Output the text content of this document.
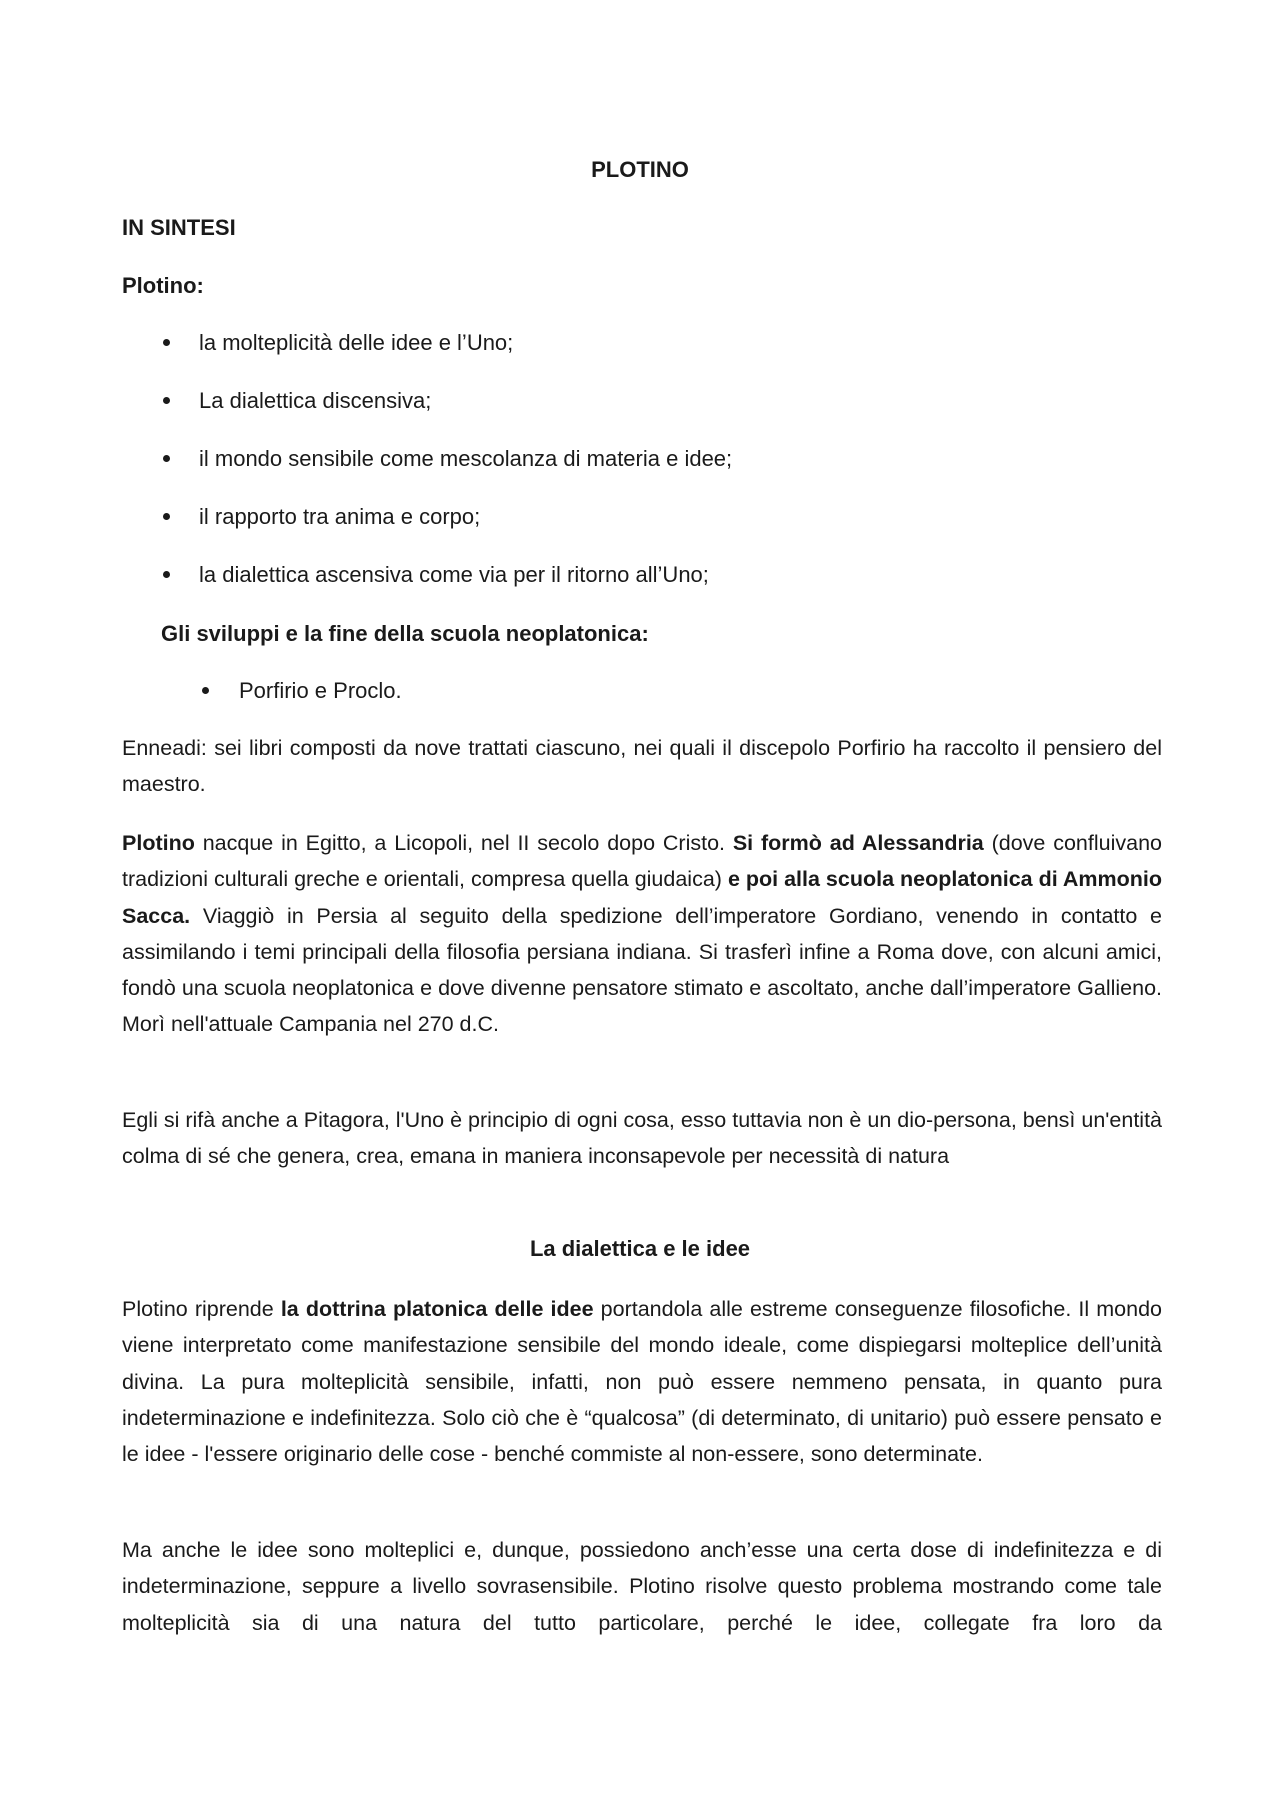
PLOTINO
IN SINTESI
Plotino:
la molteplicità delle idee e l’Uno;
La dialettica discensiva;
il mondo sensibile come mescolanza di materia e idee;
il rapporto tra anima e corpo;
la dialettica ascensiva come via per il ritorno all’Uno;
Gli sviluppi e la fine della scuola neoplatonica:
Porfirio e Proclo.
Enneadi: sei libri composti da nove trattati ciascuno, nei quali il discepolo Porfirio ha raccolto il pensiero del maestro.
Plotino nacque in Egitto, a Licopoli, nel II secolo dopo Cristo. Si formò ad Alessandria (dove confluivano tradizioni culturali greche e orientali, compresa quella giudaica) e poi alla scuola neoplatonica di Ammonio Sacca. Viaggiò in Persia al seguito della spedizione dell’imperatore Gordiano, venendo in contatto e assimilando i temi principali della filosofia persiana indiana. Si trasferì infine a Roma dove, con alcuni amici, fondò una scuola neoplatonica e dove divenne pensatore stimato e ascoltato, anche dall’imperatore Gallieno. Morì nell'attuale Campania nel 270 d.C.
Egli si rifà anche a Pitagora, l'Uno è principio di ogni cosa, esso tuttavia non è un dio-persona, bensì un'entità colma di sé che genera, crea, emana in maniera inconsapevole per necessità di natura
La dialettica e le idee
Plotino riprende la dottrina platonica delle idee portandola alle estreme conseguenze filosofiche. Il mondo viene interpretato come manifestazione sensibile del mondo ideale, come dispiegarsi molteplice dell’unità divina. La pura molteplicità sensibile, infatti, non può essere nemmeno pensata, in quanto pura indeterminazione e indefinitezza. Solo ciò che è “qualcosa” (di determinato, di unitario) può essere pensato e le idee - l'essere originario delle cose - benché commiste al non-essere, sono determinate.
Ma anche le idee sono molteplici e, dunque, possiedono anch’esse una certa dose di indefinitezza e di indeterminazione, seppure a livello sovrasensibile. Plotino risolve questo problema mostrando come tale molteplicità sia di una natura del tutto particolare, perché le idee, collegate fra loro da
